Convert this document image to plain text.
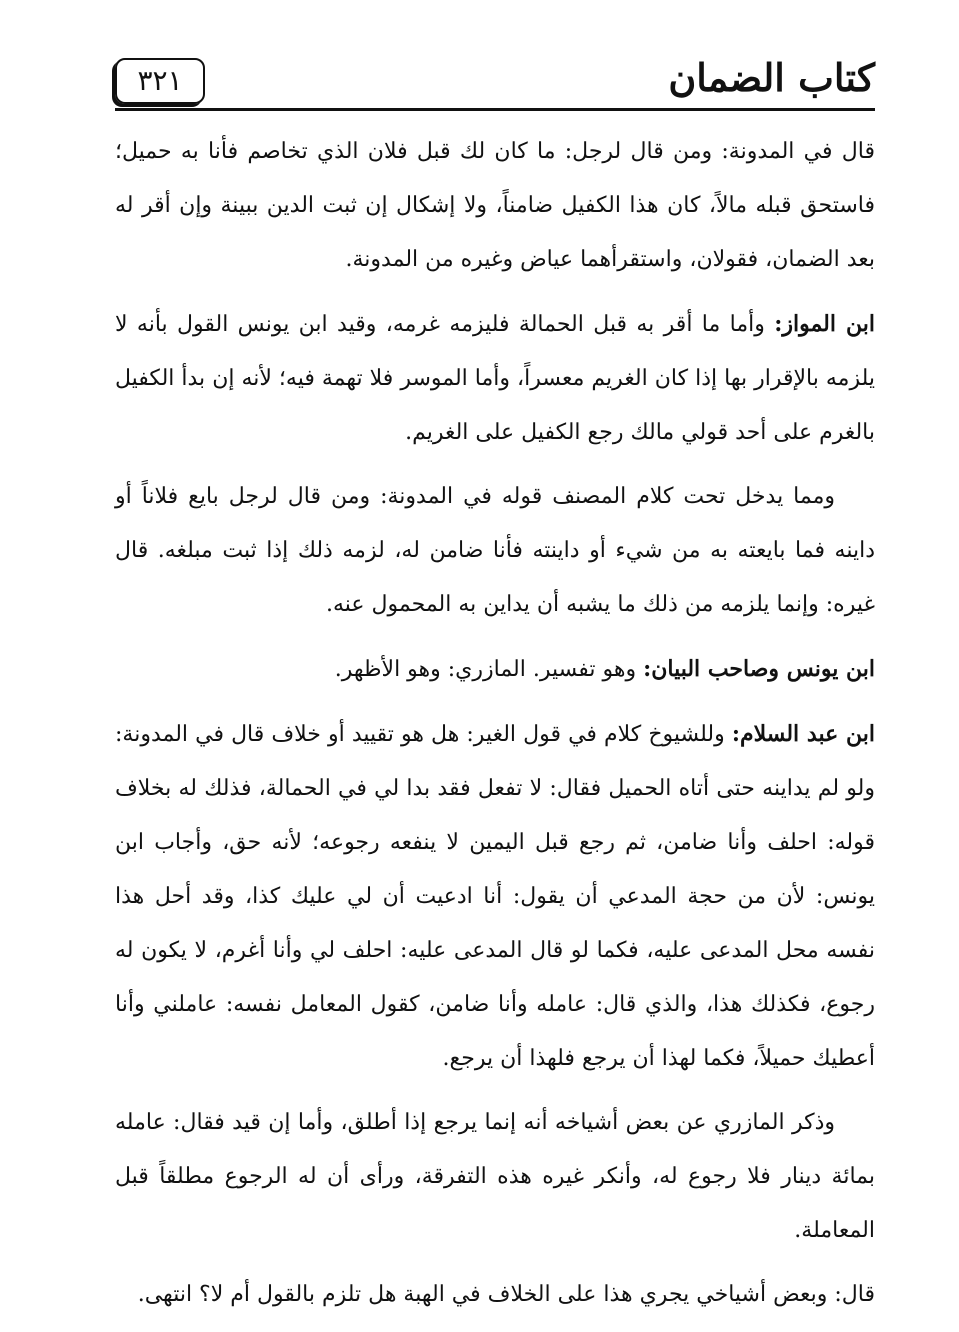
كتاب الضمان
٣٢١

قال في المدونة: ومن قال لرجل: ما كان لك قبل فلان الذي تخاصم فأنا به حميل؛ فاستحق قبله مالاً، كان هذا الكفيل ضامناً، ولا إشكال إن ثبت الدين ببينة وإن أقر له بعد الضمان، فقولان، واستقرأهما عياض وغيره من المدونة.

ابن المواز: وأما ما أقر به قبل الحمالة فليزمه غرمه، وقيد ابن يونس القول بأنه لا يلزمه بالإقرار بها إذا كان الغريم معسراً، وأما الموسر فلا تهمة فيه؛ لأنه إن بدأ الكفيل بالغرم على أحد قولي مالك رجع الكفيل على الغريم.

ومما يدخل تحت كلام المصنف قوله في المدونة: ومن قال لرجل بايع فلاناً أو داينه فما بايعته به من شيء أو داينته فأنا ضامن له، لزمه ذلك إذا ثبت مبلغه. قال غيره: وإنما يلزمه من ذلك ما يشبه أن يداين به المحمول عنه.

ابن يونس وصاحب البيان: وهو تفسير. المازري: وهو الأظهر.

ابن عبد السلام: وللشيوخ كلام في قول الغير: هل هو تقييد أو خلاف قال في المدونة: ولو لم يداينه حتى أتاه الحميل فقال: لا تفعل فقد بدا لي في الحمالة، فذلك له بخلاف قوله: احلف وأنا ضامن، ثم رجع قبل اليمين لا ينفعه رجوعه؛ لأنه حق، وأجاب ابن يونس: لأن من حجة المدعي أن يقول: أنا ادعيت أن لي عليك كذا، وقد أحل هذا نفسه محل المدعى عليه، فكما لو قال المدعى عليه: احلف لي وأنا أغرم، لا يكون له رجوع، فكذلك هذا، والذي قال: عامله وأنا ضامن، كقول المعامل نفسه: عاملني وأنا أعطيك حميلاً، فكما لهذا أن يرجع فلهذا أن يرجع.

وذكر المازري عن بعض أشياخه أنه إنما يرجع إذا أطلق، وأما إن قيد فقال: عامله بمائة دينار فلا رجوع له، وأنكر غيره هذه التفرقة، ورأى أن له الرجوع مطلقاً قبل المعاملة.

قال: وبعض أشياخي يجري هذا على الخلاف في الهبة هل تلزم بالقول أم لا؟ انتهى.
